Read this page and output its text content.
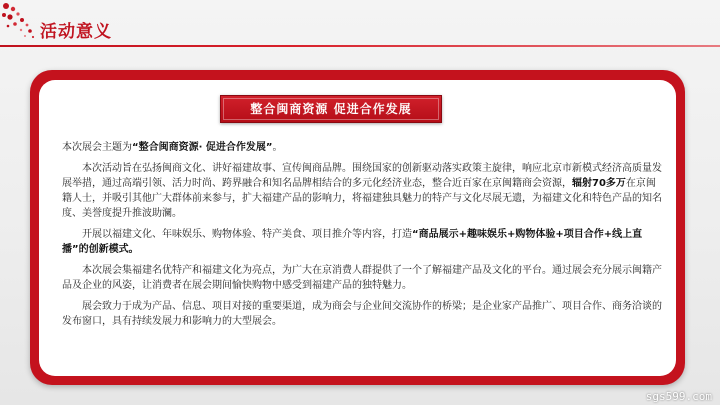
活动意义
整合闽商资源 促进合作发展

本次展会主题为“整合闽商资源· 促进合作发展”。

本次活动旨在弘扬闽商文化、讲好福建故事、宣传闽商品牌。围绕国家的创新驱动落实政策主旋律，响应北京市新模式经济高质量发展举措，通过高端引领、活力时尚、跨界融合和知名品牌相结合的多元化经济业态，整合近百家在京闽籍商会资源，辐射70多万在京闽籍人士，并吸引其他广大群体前来参与，扩大福建产品的影响力，将福建独具魅力的特产与文化尽展无遗，为福建文化和特色产品的知名度、美誉度提升推波助澜。

开展以福建文化、年味娱乐、购物体验、特产美食、项目推介等内容，打造“商品展示+趣味娱乐+购物体验+项目合作+线上直播”的创新模式。

本次展会集福建名优特产和福建文化为亮点，为广大在京消费人群提供了一个了解福建产品及文化的平台。通过展会充分展示闽籍产品及企业的风姿，让消费者在展会期间愉快购物中感受到福建产品的独特魅力。

展会致力于成为产品、信息、项目对接的重要渠道，成为商会与企业间交流协作的桥梁；是企业家产品推广、项目合作、商务洽谈的发布窗口，具有持续发展力和影响力的大型展会。

sgs599.com
